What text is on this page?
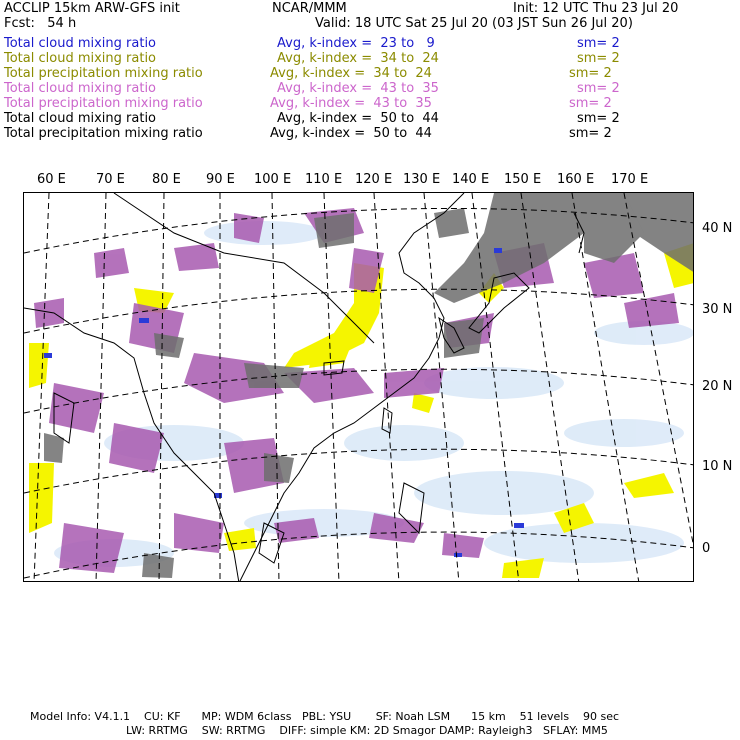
ACCLIP 15km ARW-GFS init	NCAR/MMM	Init: 12 UTC Thu 23 Jul 20
Fcst:   54 h	Valid: 18 UTC Sat 25 Jul 20 (03 JST Sun 26 Jul 20)
Total cloud mixing ratio	Avg, k-index =  23 to   9	sm= 2
Total cloud mixing ratio	Avg, k-index =  34 to  24	sm= 2
Total precipitation mixing ratio	Avg, k-index =  34 to  24	sm= 2
Total cloud mixing ratio	Avg, k-index =  43 to  35	sm= 2
Total precipitation mixing ratio	Avg, k-index =  43 to  35	sm= 2
Total cloud mixing ratio	Avg, k-index =  50 to  44	sm= 2
Total precipitation mixing ratio	Avg, k-index =  50 to  44	sm= 2
60 E 70 E 80 E 90 E 100 E 110 E 120 E 130 E 140 E 150 E 160 E 170 E
40 N
30 N
20 N
10 N
0
Model Info: V4.1.1    CU: KF      MP: WDM 6class   PBL: YSU       SF: Noah LSM      15 km    51 levels    90 sec
LW: RRTMG    SW: RRTMG    DIFF: simple KM: 2D Smagor DAMP: Rayleigh3   SFLAY: MM5
